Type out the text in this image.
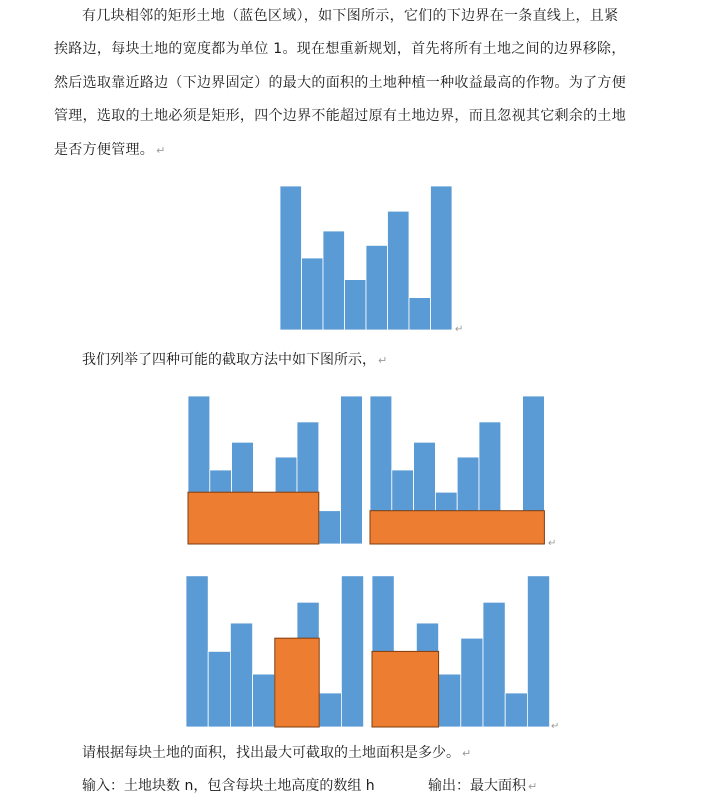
有几块相邻的矩形土地（蓝色区域），如下图所示，它们的下边界在一条直线上，且紧
挨路边，每块土地的宽度都为单位 1。现在想重新规划，首先将所有土地之间的边界移除，
然后选取靠近路边（下边界固定）的最大的面积的土地种植一种收益最高的作物。为了方便
管理，选取的土地必须是矩形，四个边界不能超过原有土地边界，而且忽视其它剩余的土地
是否方便管理。 ↵
↵
↵
↵
我们列举了四种可能的截取方法中如下图所示， ↵
请根据每块土地的面积，找出最大可截取的土地面积是多少。 ↵
输入：土地块数 n，包含每块土地高度的数组 h	输出：最大面积 ↵
